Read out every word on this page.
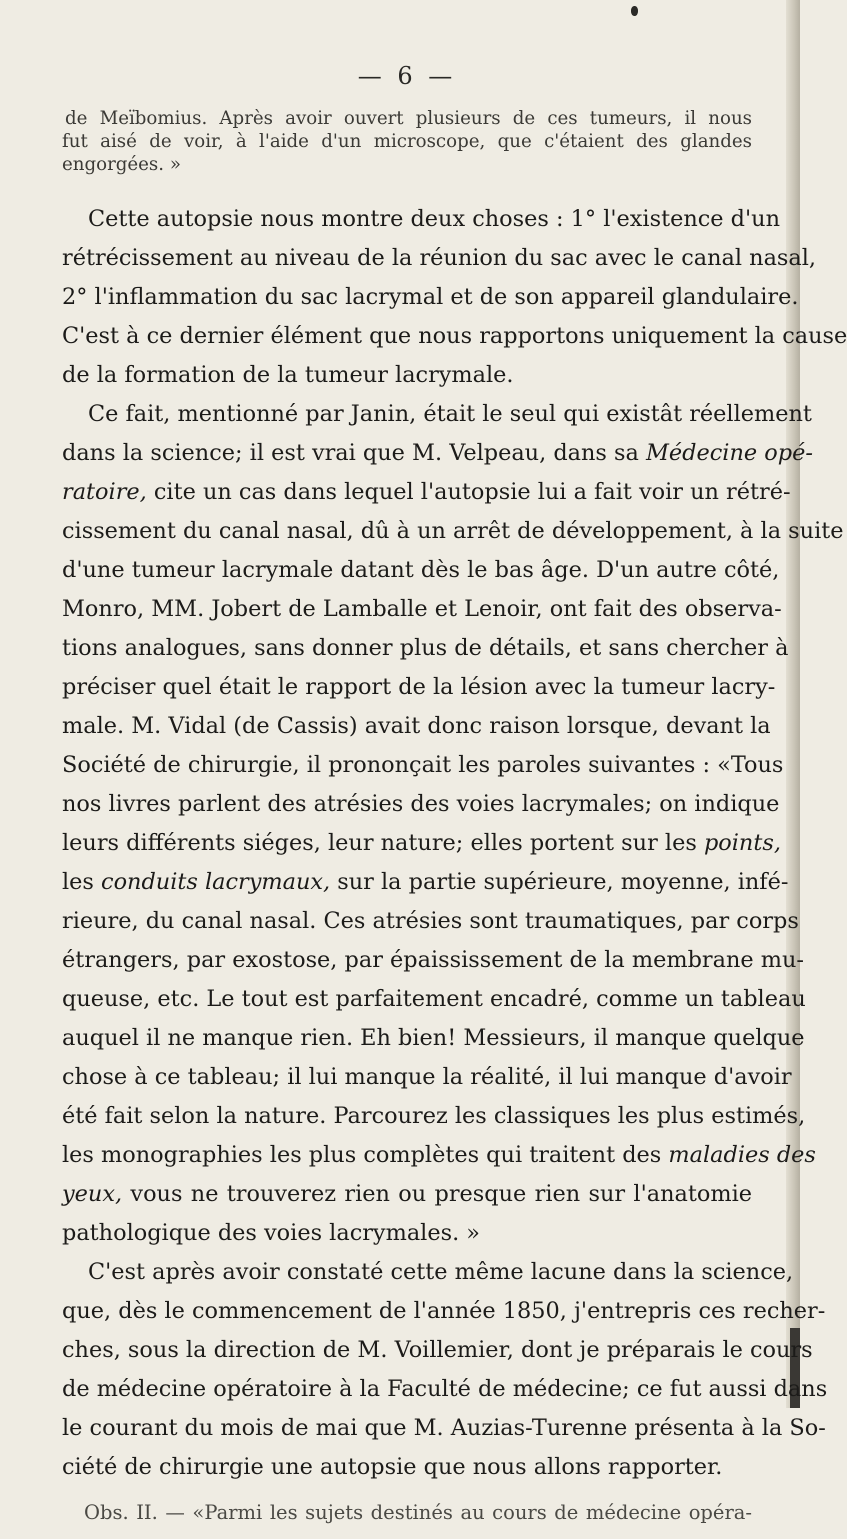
— 6 —
de Meïbomius. Après avoir ouvert plusieurs de ces tumeurs, il nous
fut aisé de voir, à l'aide d'un microscope, que c'étaient des glandes
engorgées. »
Cette autopsie nous montre deux choses : 1° l'existence d'un
rétrécissement au niveau de la réunion du sac avec le canal nasal,
2° l'inflammation du sac lacrymal et de son appareil glandulaire.
C'est à ce dernier élément que nous rapportons uniquement la cause
de la formation de la tumeur lacrymale.
Ce fait, mentionné par Janin, était le seul qui existât réellement
dans la science; il est vrai que M. Velpeau, dans sa Médecine opé-
ratoire, cite un cas dans lequel l'autopsie lui a fait voir un rétré-
cissement du canal nasal, dû à un arrêt de développement, à la suite
d'une tumeur lacrymale datant dès le bas âge. D'un autre côté,
Monro, MM. Jobert de Lamballe et Lenoir, ont fait des observa-
tions analogues, sans donner plus de détails, et sans chercher à
préciser quel était le rapport de la lésion avec la tumeur lacry-
male. M. Vidal (de Cassis) avait donc raison lorsque, devant la
Société de chirurgie, il prononçait les paroles suivantes : «Tous
nos livres parlent des atrésies des voies lacrymales; on indique
leurs différents siéges, leur nature; elles portent sur les points,
les conduits lacrymaux, sur la partie supérieure, moyenne, infé-
rieure, du canal nasal. Ces atrésies sont traumatiques, par corps
étrangers, par exostose, par épaississement de la membrane mu-
queuse, etc. Le tout est parfaitement encadré, comme un tableau
auquel il ne manque rien. Eh bien! Messieurs, il manque quelque
chose à ce tableau; il lui manque la réalité, il lui manque d'avoir
été fait selon la nature. Parcourez les classiques les plus estimés,
les monographies les plus complètes qui traitent des maladies des
yeux, vous ne trouverez rien ou presque rien sur l'anatomie
pathologique des voies lacrymales. »
C'est après avoir constaté cette même lacune dans la science,
que, dès le commencement de l'année 1850, j'entrepris ces recher-
ches, sous la direction de M. Voillemier, dont je préparais le cours
de médecine opératoire à la Faculté de médecine; ce fut aussi dans
le courant du mois de mai que M. Auzias-Turenne présenta à la So-
ciété de chirurgie une autopsie que nous allons rapporter.
Obs. II. — «Parmi les sujets destinés au cours de médecine opéra-
